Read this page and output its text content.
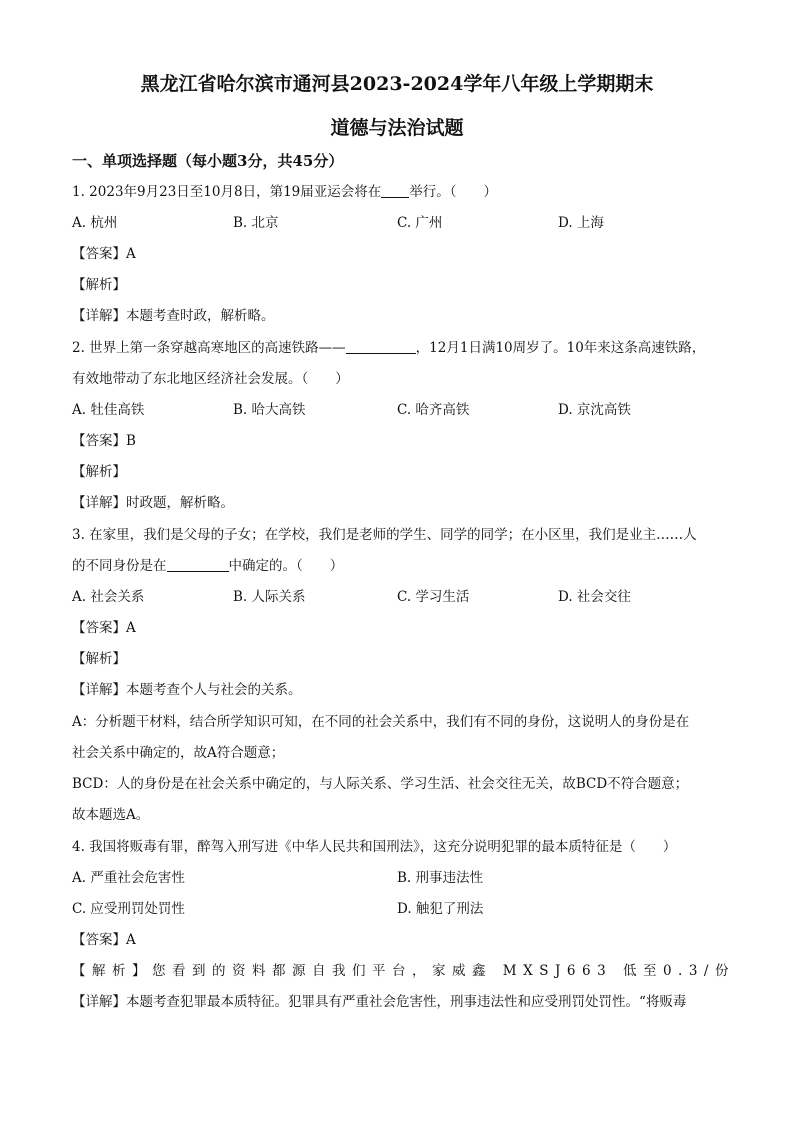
黑龙江省哈尔滨市通河县2023-2024学年八年级上学期期末
道德与法治试题
一、单项选择题（每小题3分，共45分）
1. 2023年9月23日至10月8日，第19届亚运会将在 举行。（　　）
A. 杭州	B. 北京	C. 广州	D. 上海
【答案】A
【解析】
【详解】本题考查时政，解析略。
2. 世界上第一条穿越高寒地区的高速铁路——	，12月1日满10周岁了。10年来这条高速铁路，
有效地带动了东北地区经济社会发展。（　　）
A. 牡佳高铁	B. 哈大高铁	C. 哈齐高铁	D. 京沈高铁
【答案】B
【解析】
【详解】时政题，解析略。
3. 在家里，我们是父母的子女；在学校，我们是老师的学生、同学的同学；在小区里，我们是业主……人
的不同身份是在	中确定的。（　　）
A. 社会关系	B. 人际关系	C. 学习生活	D. 社会交往
【答案】A
【解析】
【详解】本题考查个人与社会的关系。
A：分析题干材料，结合所学知识可知，在不同的社会关系中，我们有不同的身份，这说明人的身份是在
社会关系中确定的，故A符合题意；
BCD：人的身份是在社会关系中确定的，与人际关系、学习生活、社会交往无关，故BCD不符合题意；
故本题选A。
4. 我国将贩毒有罪，醉驾入刑写进《中华人民共和国刑法》，这充分说明犯罪的最本质特征是（　　）
A. 严重社会危害性	B. 刑事违法性
C. 应受刑罚处罚性	D. 触犯了刑法
【答案】A
【解析】您看到的资料都源自我们平台，家威鑫 MXSJ663 低至0.3/份
【详解】本题考查犯罪最本质特征。犯罪具有严重社会危害性，刑事违法性和应受刑罚处罚性。“将贩毒
